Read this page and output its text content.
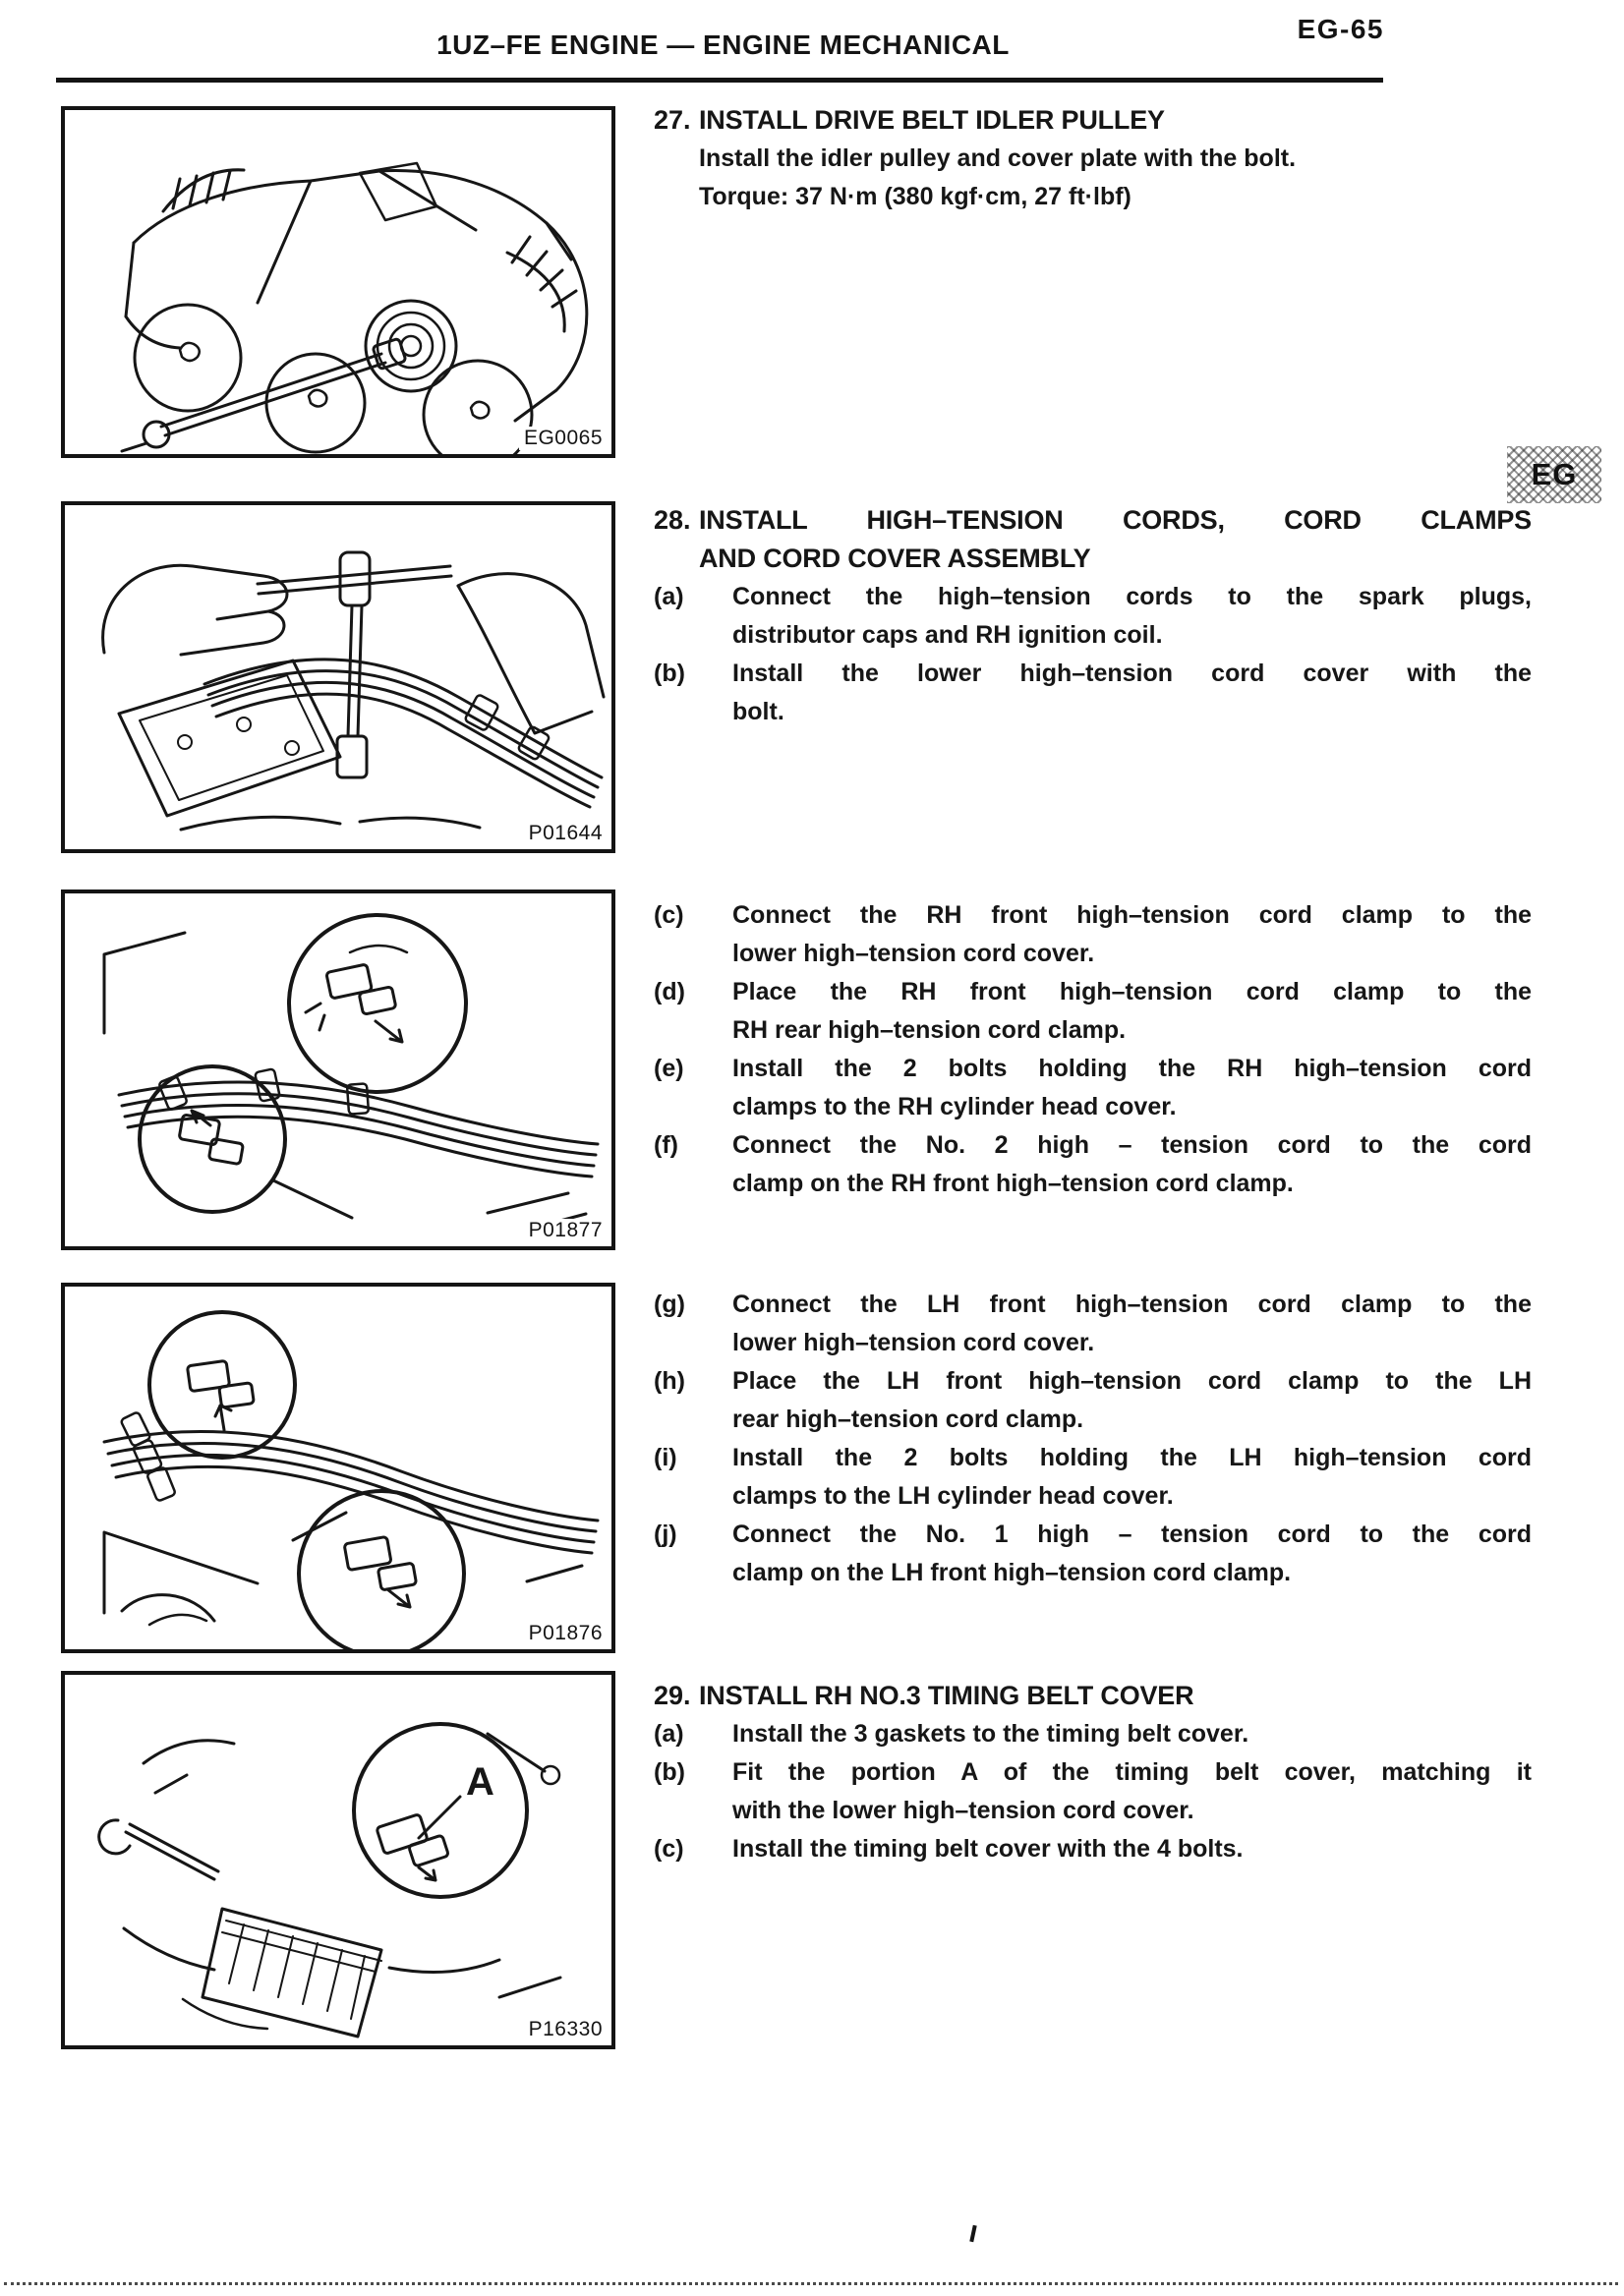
1UZ–FE ENGINE — ENGINE MECHANICAL
EG-65
EG
EG0065
P01644
P01877
P01876
A
P16330
27. INSTALL DRIVE BELT IDLER PULLEY
Install the idler pulley and cover plate with the bolt.
Torque: 37 N·m (380 kgf·cm, 27 ft·lbf)
28. INSTALL HIGH–TENSION CORDS, CORD CLAMPS
AND CORD COVER ASSEMBLY
(a)	Connect the high–tension cords to the spark plugs,
distributor caps and RH ignition coil.
(b)	Install the lower high–tension cord cover with the
bolt.
(c)	Connect the RH front high–tension cord clamp to the
lower high–tension cord cover.
(d)	Place the RH front high–tension cord clamp to the
RH rear high–tension cord clamp.
(e)	Install the 2 bolts holding the RH high–tension cord
clamps to the RH cylinder head cover.
(f)	Connect the No. 2 high – tension cord to the cord
clamp on the RH front high–tension cord clamp.
(g)	Connect the LH front high–tension cord clamp to the
lower high–tension cord cover.
(h)	Place the LH front high–tension cord clamp to the LH
rear high–tension cord clamp.
(i)	Install the 2 bolts holding the LH high–tension cord
clamps to the LH cylinder head cover.
(j)	Connect the No. 1 high – tension cord to the cord
clamp on the LH front high–tension cord clamp.
29. INSTALL RH NO.3 TIMING BELT COVER
(a)	Install the 3 gaskets to the timing belt cover.
(b)	Fit the portion A of the timing belt cover, matching it
with the lower high–tension cord cover.
(c)	Install the timing belt cover with the 4 bolts.
